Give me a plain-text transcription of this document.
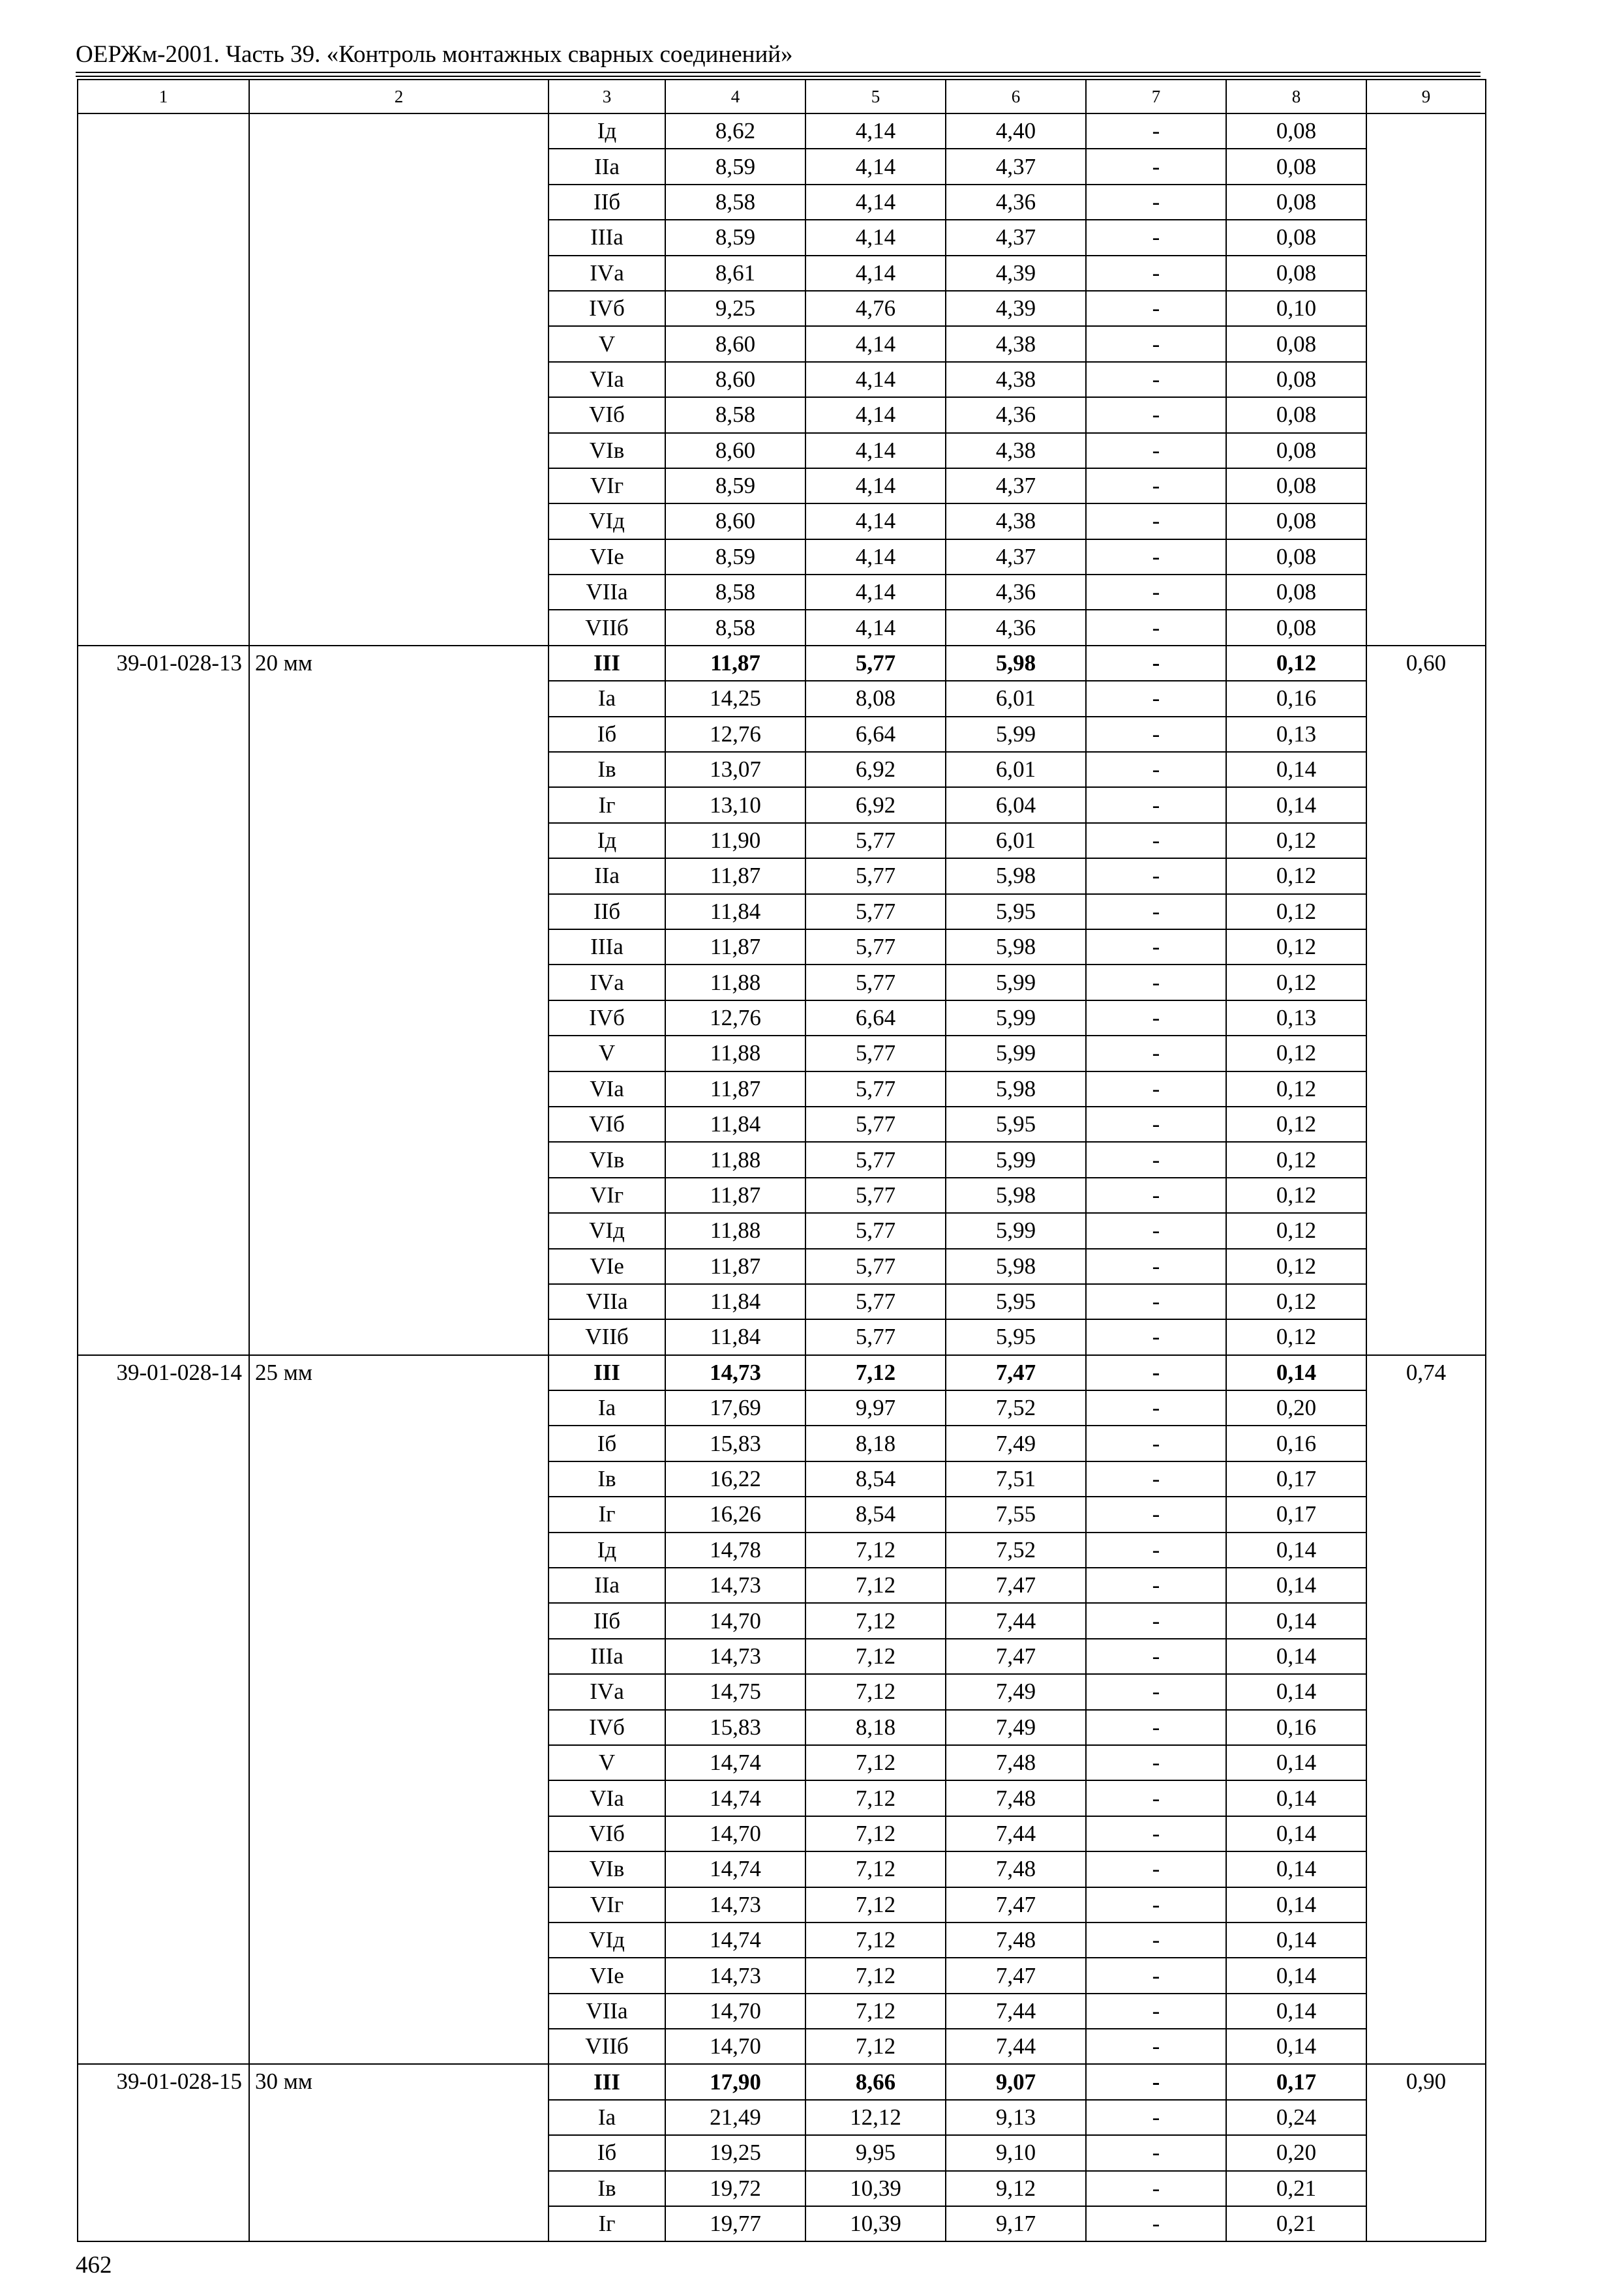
ОЕРЖм-2001. Часть 39. «Контроль монтажных сварных соединений»
1	2	3	4	5	6	7	8	9
		Iд	8,62	4,14	4,40	-	0,08	
		IIа	8,59	4,14	4,37	-	0,08	
		IIб	8,58	4,14	4,36	-	0,08	
		IIIа	8,59	4,14	4,37	-	0,08	
		IVа	8,61	4,14	4,39	-	0,08	
		IVб	9,25	4,76	4,39	-	0,10	
		V	8,60	4,14	4,38	-	0,08	
		VIа	8,60	4,14	4,38	-	0,08	
		VIб	8,58	4,14	4,36	-	0,08	
		VIв	8,60	4,14	4,38	-	0,08	
		VIг	8,59	4,14	4,37	-	0,08	
		VIд	8,60	4,14	4,38	-	0,08	
		VIе	8,59	4,14	4,37	-	0,08	
		VIIа	8,58	4,14	4,36	-	0,08	
		VIIб	8,58	4,14	4,36	-	0,08	
39-01-028-13	20 мм	III	11,87	5,77	5,98	-	0,12	0,60
		Iа	14,25	8,08	6,01	-	0,16	
		Iб	12,76	6,64	5,99	-	0,13	
		Iв	13,07	6,92	6,01	-	0,14	
		Iг	13,10	6,92	6,04	-	0,14	
		Iд	11,90	5,77	6,01	-	0,12	
		IIа	11,87	5,77	5,98	-	0,12	
		IIб	11,84	5,77	5,95	-	0,12	
		IIIа	11,87	5,77	5,98	-	0,12	
		IVа	11,88	5,77	5,99	-	0,12	
		IVб	12,76	6,64	5,99	-	0,13	
		V	11,88	5,77	5,99	-	0,12	
		VIа	11,87	5,77	5,98	-	0,12	
		VIб	11,84	5,77	5,95	-	0,12	
		VIв	11,88	5,77	5,99	-	0,12	
		VIг	11,87	5,77	5,98	-	0,12	
		VIд	11,88	5,77	5,99	-	0,12	
		VIе	11,87	5,77	5,98	-	0,12	
		VIIа	11,84	5,77	5,95	-	0,12	
		VIIб	11,84	5,77	5,95	-	0,12	
39-01-028-14	25 мм	III	14,73	7,12	7,47	-	0,14	0,74
		Iа	17,69	9,97	7,52	-	0,20	
		Iб	15,83	8,18	7,49	-	0,16	
		Iв	16,22	8,54	7,51	-	0,17	
		Iг	16,26	8,54	7,55	-	0,17	
		Iд	14,78	7,12	7,52	-	0,14	
		IIа	14,73	7,12	7,47	-	0,14	
		IIб	14,70	7,12	7,44	-	0,14	
		IIIа	14,73	7,12	7,47	-	0,14	
		IVа	14,75	7,12	7,49	-	0,14	
		IVб	15,83	8,18	7,49	-	0,16	
		V	14,74	7,12	7,48	-	0,14	
		VIа	14,74	7,12	7,48	-	0,14	
		VIб	14,70	7,12	7,44	-	0,14	
		VIв	14,74	7,12	7,48	-	0,14	
		VIг	14,73	7,12	7,47	-	0,14	
		VIд	14,74	7,12	7,48	-	0,14	
		VIе	14,73	7,12	7,47	-	0,14	
		VIIа	14,70	7,12	7,44	-	0,14	
		VIIб	14,70	7,12	7,44	-	0,14	
39-01-028-15	30 мм	III	17,90	8,66	9,07	-	0,17	0,90
		Iа	21,49	12,12	9,13	-	0,24	
		Iб	19,25	9,95	9,10	-	0,20	
		Iв	19,72	10,39	9,12	-	0,21	
		Iг	19,77	10,39	9,17	-	0,21	
462
